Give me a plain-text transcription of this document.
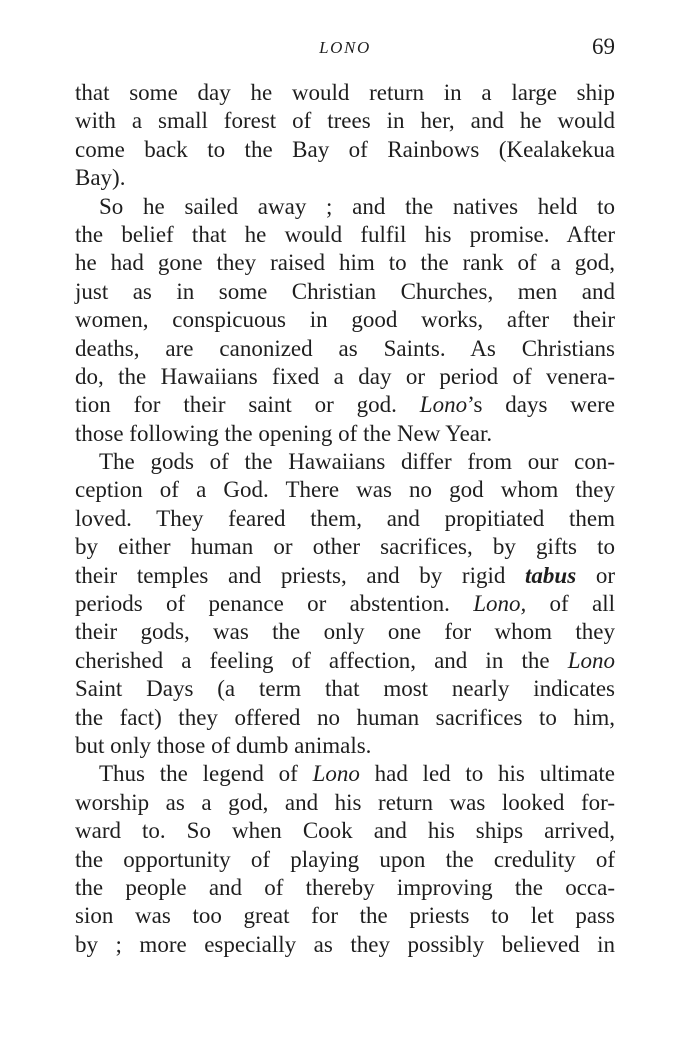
LONO	69
that some day he would return in a large ship
with a small forest of trees in her, and he would
come back to the Bay of Rainbows (Kealakekua
Bay).
So he sailed away ; and the natives held to
the belief that he would fulfil his promise. After
he had gone they raised him to the rank of a god,
just as in some Christian Churches, men and
women, conspicuous in good works, after their
deaths, are canonized as Saints. As Christians
do, the Hawaiians fixed a day or period of venera-
tion for their saint or god. Lono’s days were
those following the opening of the New Year.
The gods of the Hawaiians differ from our con-
ception of a God. There was no god whom they
loved. They feared them, and propitiated them
by either human or other sacrifices, by gifts to
their temples and priests, and by rigid tabus or
periods of penance or abstention. Lono, of all
their gods, was the only one for whom they
cherished a feeling of affection, and in the Lono
Saint Days (a term that most nearly indicates
the fact) they offered no human sacrifices to him,
but only those of dumb animals.
Thus the legend of Lono had led to his ultimate
worship as a god, and his return was looked for-
ward to. So when Cook and his ships arrived,
the opportunity of playing upon the credulity of
the people and of thereby improving the occa-
sion was too great for the priests to let pass
by ; more especially as they possibly believed in
